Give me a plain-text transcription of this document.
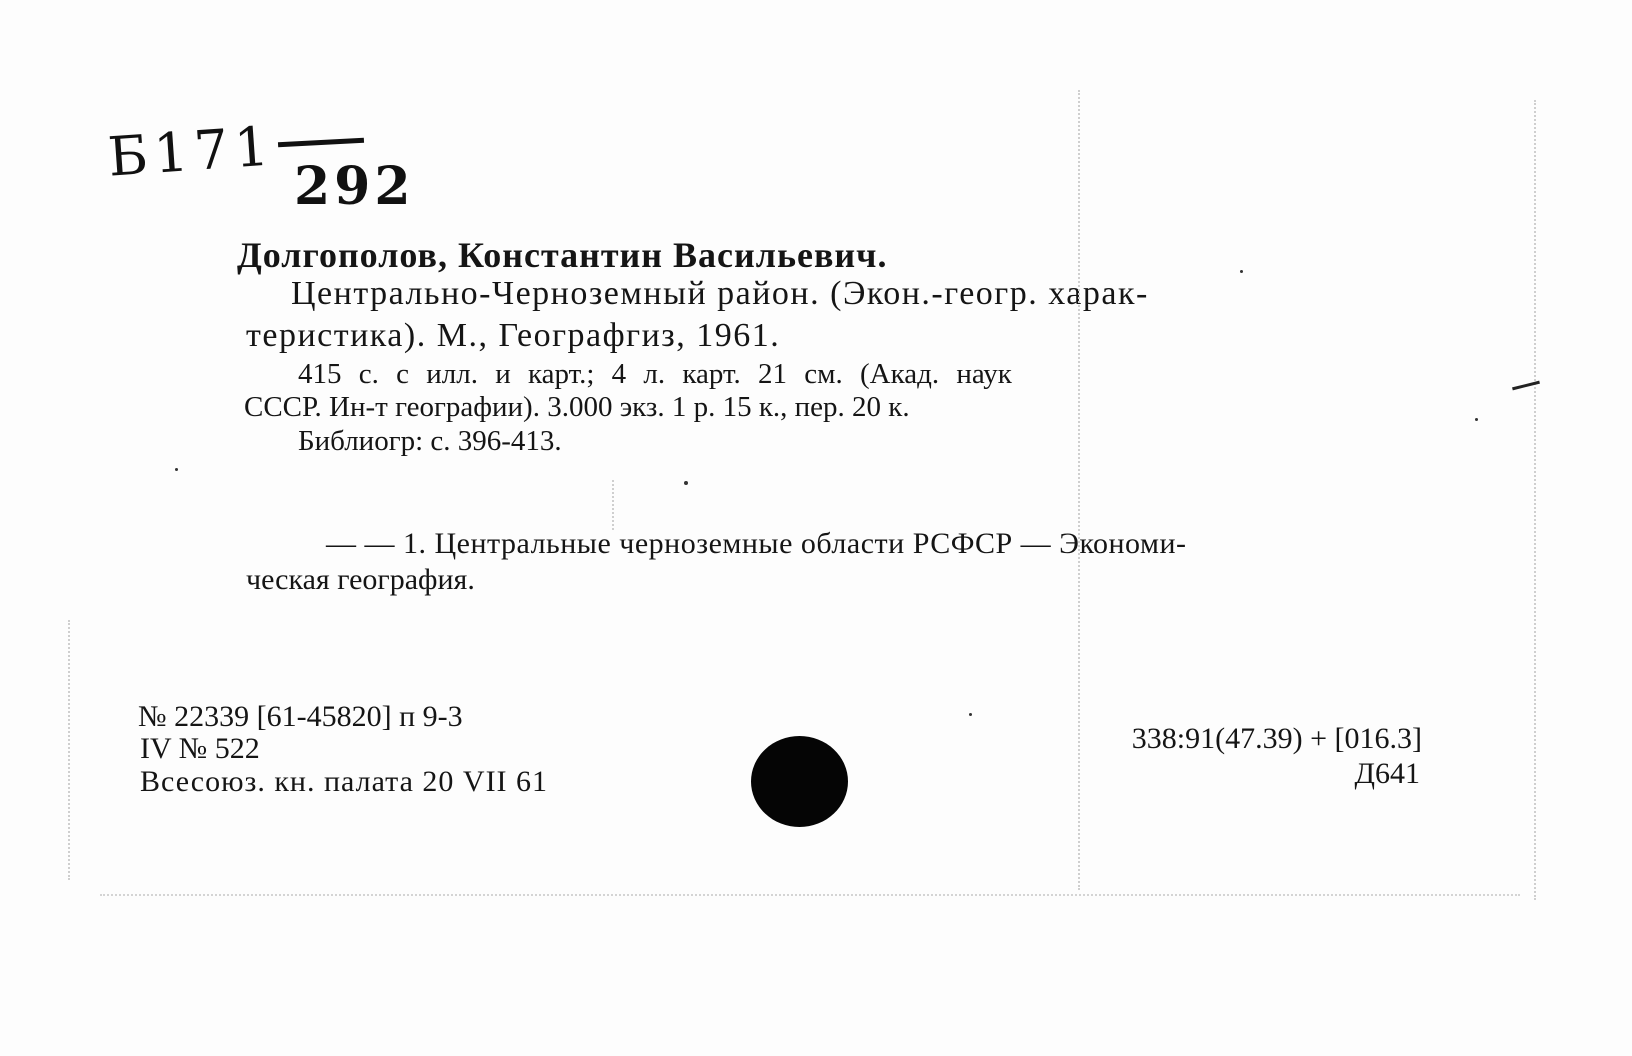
Б171 292
Долгополов, Константин Васильевич.
Центрально-Черноземный район. (Экон.-геогр. харак-
теристика). М., Географгиз, 1961.
415 с. с илл. и карт.; 4 л. карт. 21 см. (Акад. наук
СССР. Ин-т географии). 3.000 экз. 1 р. 15 к., пер. 20 к.
Библиогр: с. 396-413.
— — 1. Центральные черноземные области РСФСР — Экономи-
ческая география.
№ 22339 [61-45820] п 9-3
IV № 522
Всесоюз. кн. палата 20 VII 61
338:91(47.39) + [016.3]
Д641
